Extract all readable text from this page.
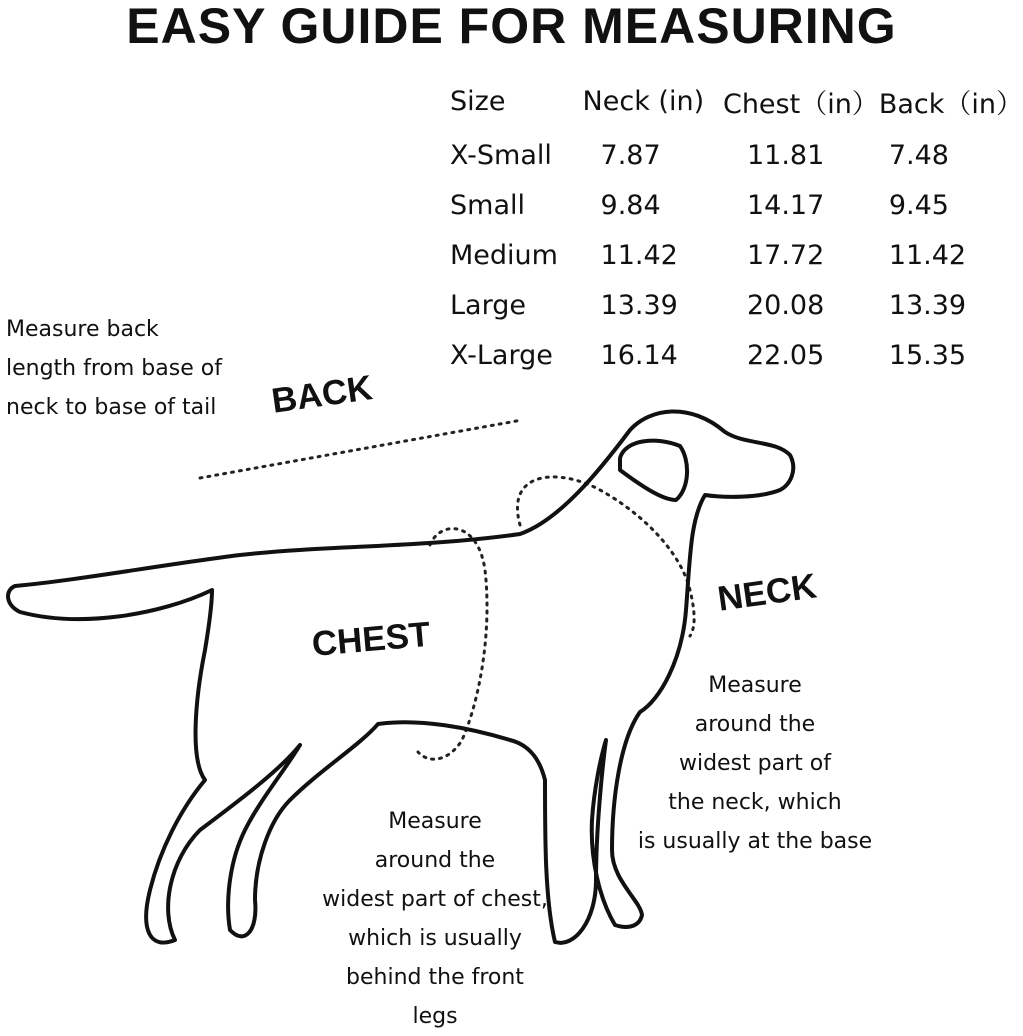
EASY GUIDE FOR MEASURING
Size	Neck (in)	Chest（in）	Back（in）
X-Small	7.87	11.81	7.48
Small	9.84	14.17	9.45
Medium	11.42	17.72	11.42
Large	13.39	20.08	13.39
X-Large	16.14	22.05	15.35
BACK
NECK
CHEST
Measure back
length from base of
neck to base of tail
Measure
around the
widest part of
the neck, which
is usually at the base
Measure
around the
widest part of chest,
which is usually
behind the front
legs
